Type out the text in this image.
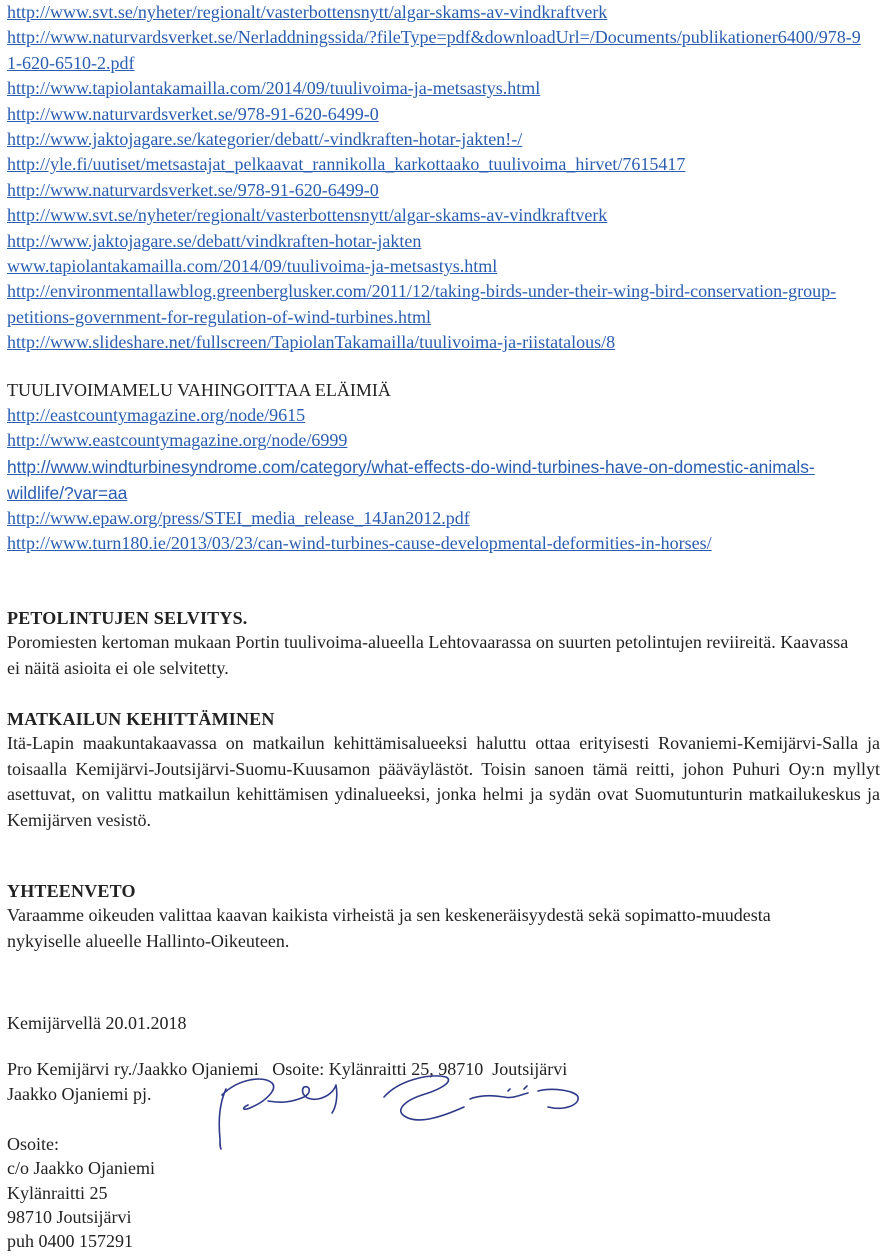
http://www.svt.se/nyheter/regionalt/vasterbottensnytt/algar-skams-av-vindkraftverk
http://www.naturvardsverket.se/Nerladdningssida/?fileType=pdf&downloadUrl=/Documents/publikationer6400/978-91-620-6510-2.pdf
http://www.tapiolantakamailla.com/2014/09/tuulivoima-ja-metsastys.html
http://www.naturvardsverket.se/978-91-620-6499-0
http://www.jaktojagare.se/kategorier/debatt/-vindkraften-hotar-jakten!-/
http://yle.fi/uutiset/metsastajat_pelkaavat_rannikolla_karkottaako_tuulivoima_hirvet/7615417
http://www.naturvardsverket.se/978-91-620-6499-0
http://www.svt.se/nyheter/regionalt/vasterbottensnytt/algar-skams-av-vindkraftverk
http://www.jaktojagare.se/debatt/vindkraften-hotar-jakten
www.tapiolantakamailla.com/2014/09/tuulivoima-ja-metsastys.html
http://environmentallawblog.greenberglusker.com/2011/12/taking-birds-under-their-wing-bird-conservation-group-petitions-government-for-regulation-of-wind-turbines.html
http://www.slideshare.net/fullscreen/TapiolanTakamailla/tuulivoima-ja-riistatalous/8
TUULIVOIMAMELU VAHINGOITTAA ELÄIMIÄ
http://eastcountymagazine.org/node/9615
http://www.eastcountymagazine.org/node/6999
http://www.windturbinesyndrome.com/category/what-effects-do-wind-turbines-have-on-domestic-animals-wildlife/?var=aa
http://www.epaw.org/press/STEI_media_release_14Jan2012.pdf
http://www.turn180.ie/2013/03/23/can-wind-turbines-cause-developmental-deformities-in-horses/
PETOLINTUJEN SELVITYS.
Poromiesten kertoman mukaan Portin tuulivoima-alueella Lehtovaarassa on suurten petolintujen reviireitä. Kaavassa ei näitä asioita ei ole selvitetty.
MATKAILUN KEHITTÄMINEN
Itä-Lapin maakuntakaavassa on matkailun kehittämisalueeksi haluttu ottaa erityisesti Rovaniemi-Kemijärvi-Salla ja toisaalla Kemijärvi-Joutsijärvi-Suomu-Kuusamon pääväylästöt. Toisin sanoen tämä reitti, johon Puhuri Oy:n myllyt asettuvat, on valittu matkailun kehittämisen ydinalueeksi, jonka helmi ja sydän ovat Suomutunturin matkailukeskus ja Kemijärven vesistö.
YHTEENVETO
Varaamme oikeuden valittaa kaavan kaikista virheistä ja sen keskeneräisyydestä sekä sopimatto-muudesta nykyiselle alueelle Hallinto-Oikeuteen.
Kemijärvellä 20.01.2018
Pro Kemijärvi ry./Jaakko Ojaniemi   Osoite: Kylänraitti 25, 98710  Joutsijärvi
Jaakko Ojaniemi pj.
Osoite:
c/o Jaakko Ojaniemi
Kylänraitti 25
98710 Joutsijärvi
puh 0400 157291
